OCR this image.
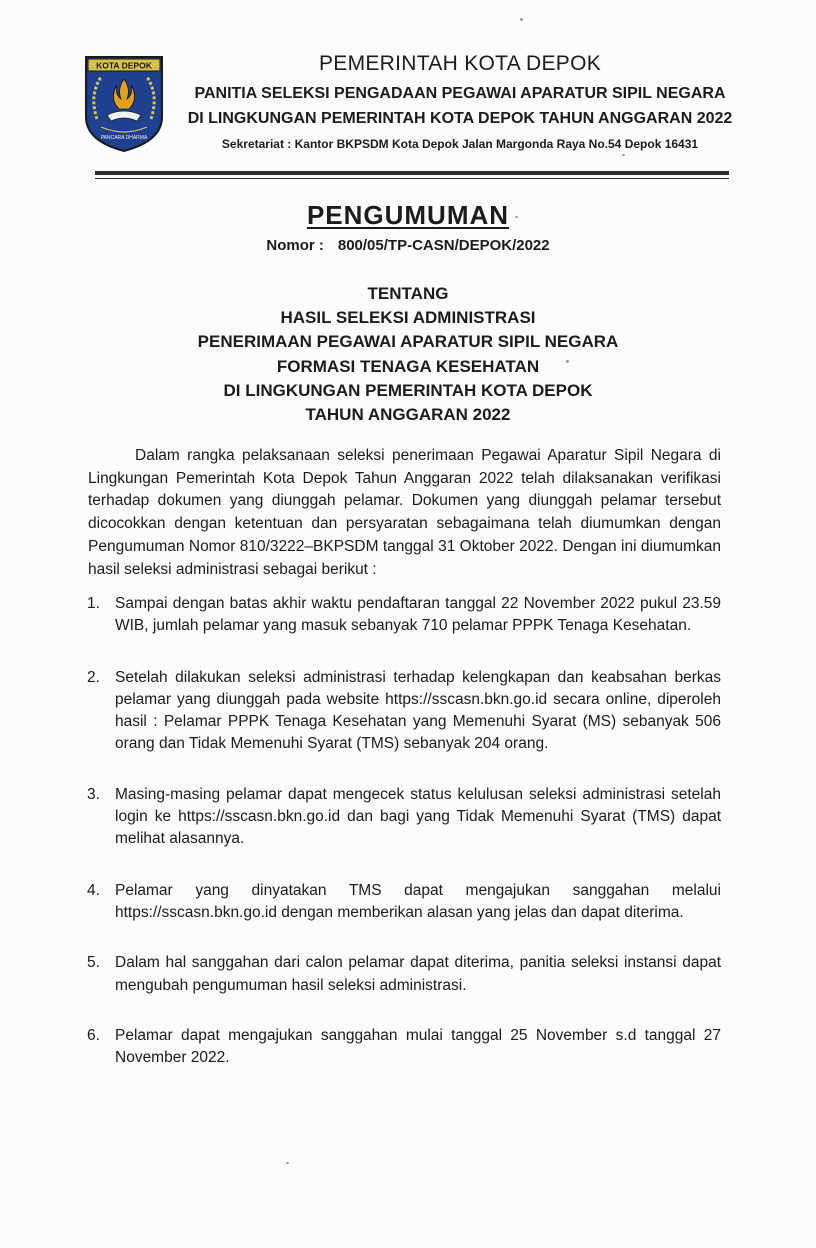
KOTA DEPOK
PANCARA DHARMA
PEMERINTAH KOTA DEPOK
PANITIA SELEKSI PENGADAAN PEGAWAI APARATUR SIPIL NEGARA
DI LINGKUNGAN PEMERINTAH KOTA DEPOK TAHUN ANGGARAN 2022
Sekretariat : Kantor BKPSDM Kota Depok Jalan Margonda Raya No.54 Depok 16431
PENGUMUMAN
Nomor : 800/05/TP-CASN/DEPOK/2022
TENTANG
HASIL SELEKSI ADMINISTRASI
PENERIMAAN PEGAWAI APARATUR SIPIL NEGARA
FORMASI TENAGA KESEHATAN
DI LINGKUNGAN PEMERINTAH KOTA DEPOK
TAHUN ANGGARAN 2022
Dalam rangka pelaksanaan seleksi penerimaan Pegawai Aparatur Sipil Negara di Lingkungan Pemerintah Kota Depok Tahun Anggaran 2022 telah dilaksanakan verifikasi terhadap dokumen yang diunggah pelamar. Dokumen yang diunggah pelamar tersebut dicocokkan dengan ketentuan dan persyaratan sebagaimana telah diumumkan dengan Pengumuman Nomor 810/3222–BKPSDM tanggal 31 Oktober 2022. Dengan ini diumumkan hasil seleksi administrasi sebagai berikut :
1. Sampai dengan batas akhir waktu pendaftaran tanggal 22 November 2022 pukul 23.59 WIB, jumlah pelamar yang masuk sebanyak 710 pelamar PPPK Tenaga Kesehatan.
2. Setelah dilakukan seleksi administrasi terhadap kelengkapan dan keabsahan berkas pelamar yang diunggah pada website https://sscasn.bkn.go.id secara online, diperoleh hasil : Pelamar PPPK Tenaga Kesehatan yang Memenuhi Syarat (MS) sebanyak 506 orang dan Tidak Memenuhi Syarat (TMS) sebanyak 204 orang.
3. Masing-masing pelamar dapat mengecek status kelulusan seleksi administrasi setelah login ke https://sscasn.bkn.go.id dan bagi yang Tidak Memenuhi Syarat (TMS) dapat melihat alasannya.
4. Pelamar yang dinyatakan TMS dapat mengajukan sanggahan melalui https://sscasn.bkn.go.id dengan memberikan alasan yang jelas dan dapat diterima.
5. Dalam hal sanggahan dari calon pelamar dapat diterima, panitia seleksi instansi dapat mengubah pengumuman hasil seleksi administrasi.
6. Pelamar dapat mengajukan sanggahan mulai tanggal 25 November s.d tanggal 27 November 2022.
